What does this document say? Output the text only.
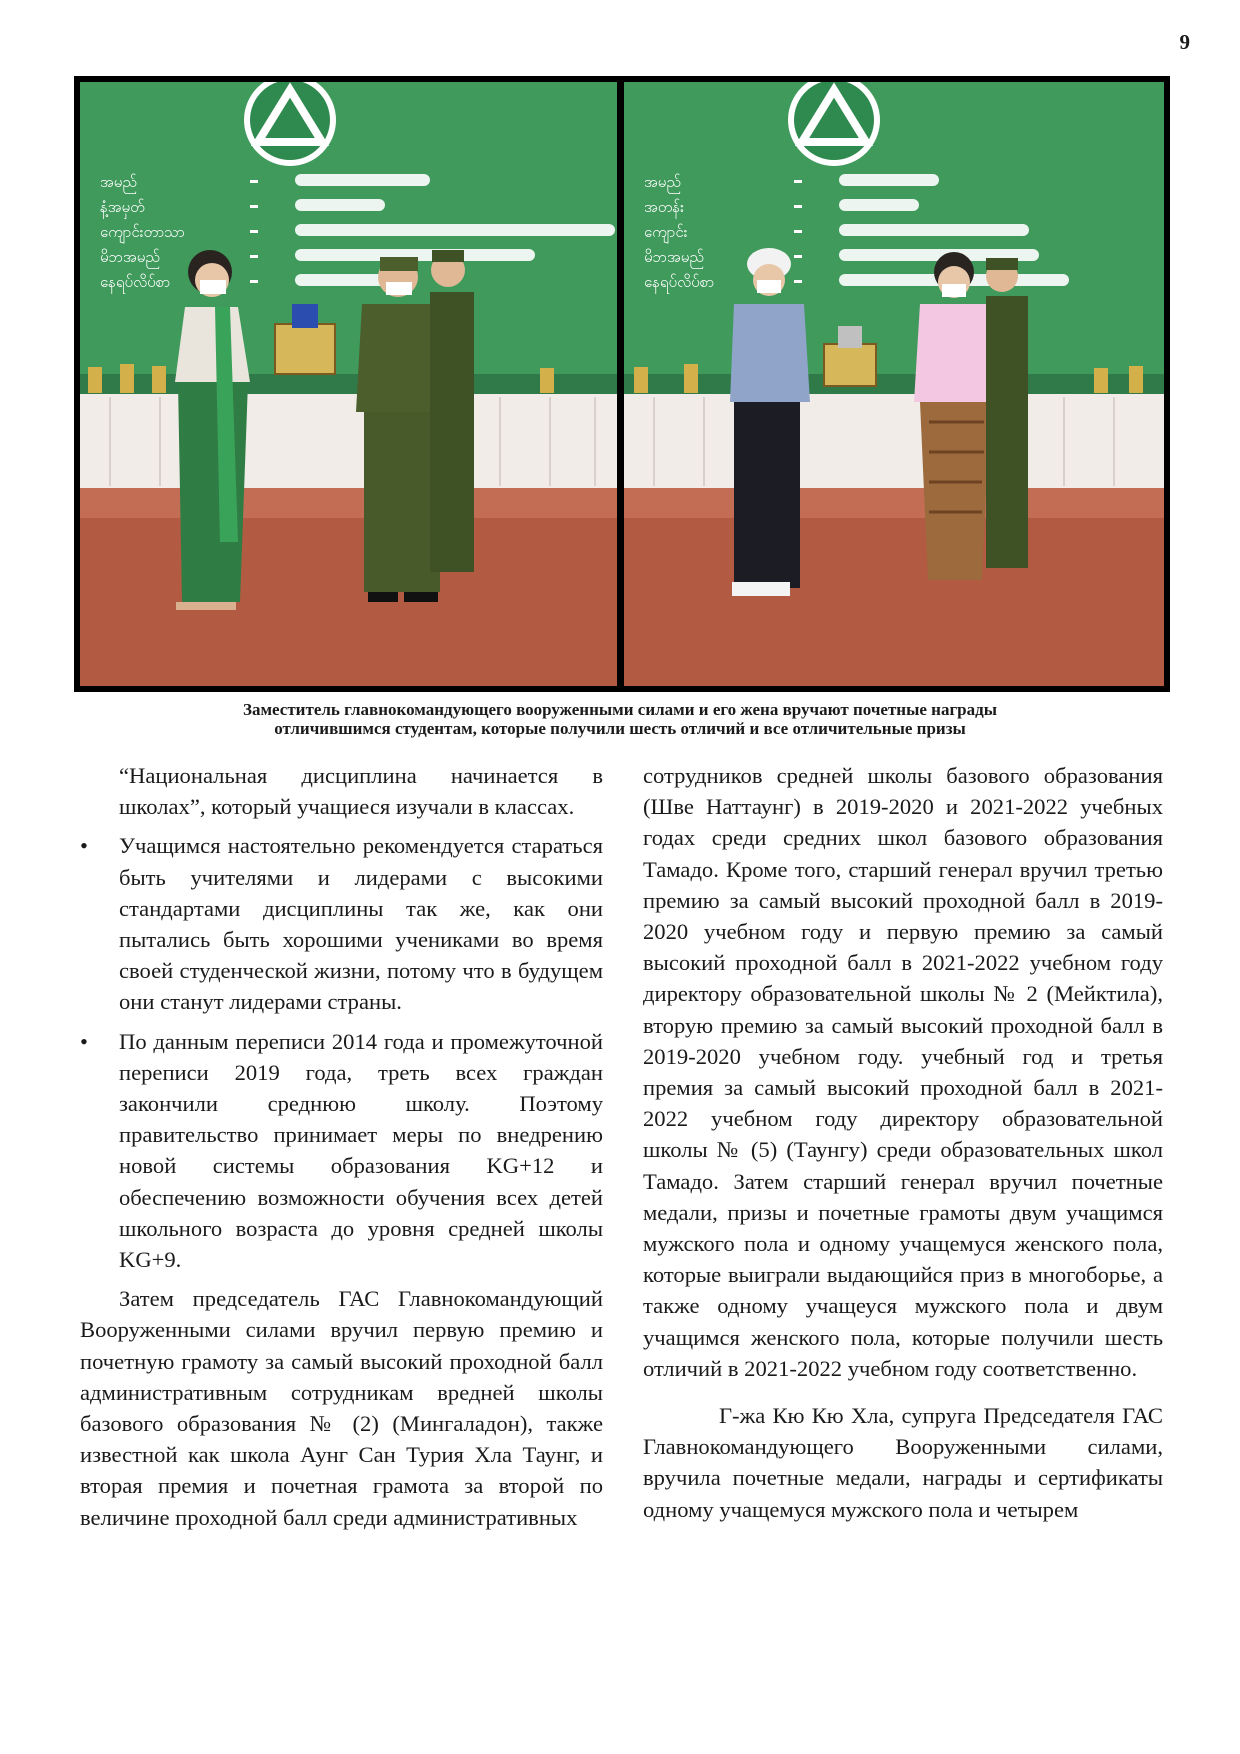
9
အမည်
နံ့အမှတ်
ကျောင်းတာသာ
မိဘအမည်
နေရပ်လိပ်စာ
အမည်
အတန်း
ကျောင်း
မိဘအမည်
နေရပ်လိပ်စာ
Заместитель главнокомандующего вооруженными силами и его жена вручают почетные награды
отличившимся студентам, которые получили шесть отличий и все отличительные призы

“Национальная дисциплина начинается в школах”, который учащиеся изучали в классах.

• Учащимся настоятельно рекомендуется стараться быть учителями и лидерами с высокими стандартами дисциплины так же, как они пытались быть хорошими учениками во время своей студенческой жизни, потому что в будущем они станут лидерами страны.

• По данным переписи 2014 года и промежуточной переписи 2019 года, треть всех граждан закончили среднюю школу. Поэтому правительство принимает меры по внедрению новой системы образования KG+12 и обеспечению возможности обучения всех детей школьного возраста до уровня средней школы KG+9.

Затем председатель ГАС Главнокомандующий Вооруженными силами вручил первую премию и почетную грамоту за самый высокий проходной балл административным сотрудникам вредней школы базового образования № (2) (Мингаладон), также известной как школа Аунг Сан Турия Хла Таунг, и вторая премия и почетная грамота за второй по величине проходной балл среди административных

сотрудников средней школы базового образования (Шве Наттаунг) в 2019-2020 и 2021-2022 учебных годах среди средних школ базового образования Тамадо. Кроме того, старший генерал вручил третью премию за самый высокий проходной балл в 2019-2020 учебном году и первую премию за самый высокий проходной балл в 2021-2022 учебном году директору образовательной школы № 2 (Мейктила), вторую премию за самый высокий проходной балл в 2019-2020 учебном году. учебный год и третья премия за самый высокий проходной балл в 2021-2022 учебном году директору образовательной школы № (5) (Таунгу) среди образовательных школ Тамадо. Затем старший генерал вручил почетные медали, призы и почетные грамоты двум учащимся мужского пола и одному учащемуся женского пола, которые выиграли выдающийся приз в многоборье, а также одному учащеуся мужского пола и двум учащимся женского пола, которые получили шесть отличий в 2021-2022 учебном году соответственно.

Г-жа Кю Кю Хла, супруга Председателя ГАС Главнокомандующего Вооруженными силами, вручила почетные медали, награды и сертификаты одному учащемуся мужского пола и четырем
